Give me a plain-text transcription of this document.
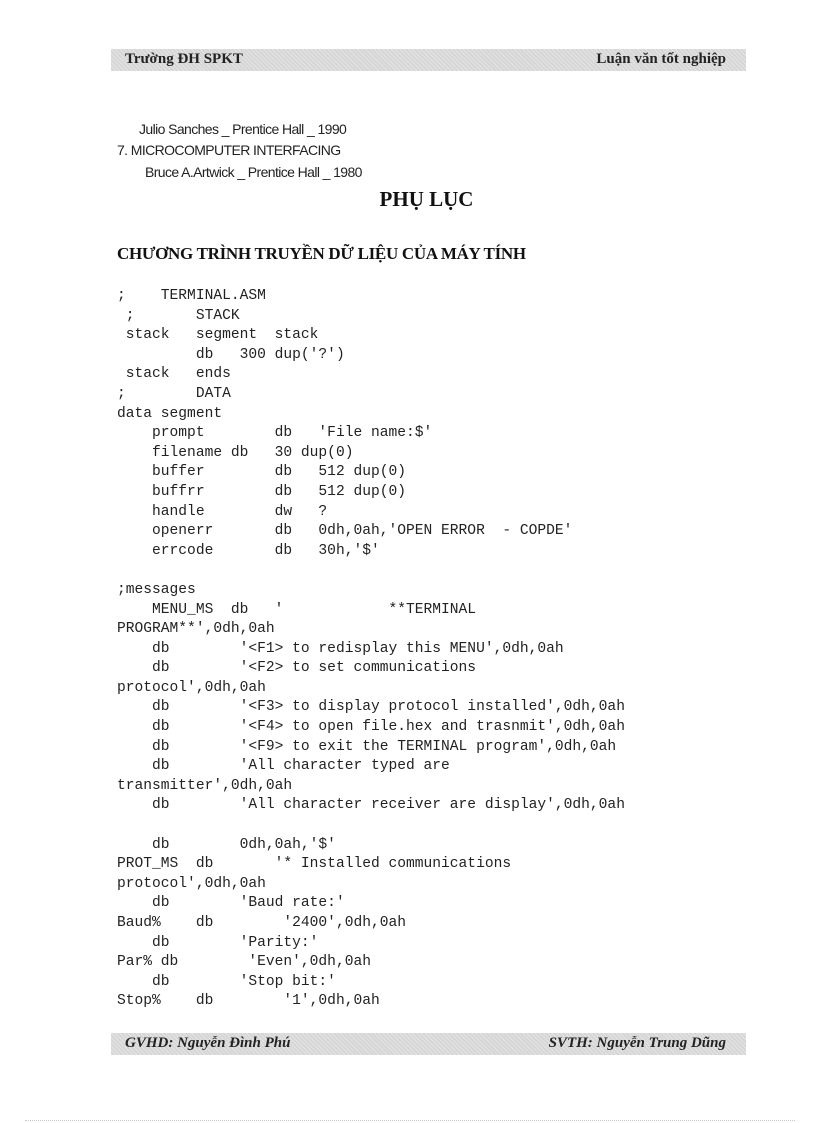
Trường ĐH SPKT	Luận văn tốt nghiệp
Julio Sanches _ Prentice Hall _ 1990
7. MICROCOMPUTER INTERFACING
Bruce A.Artwick _ Prentice Hall _ 1980
PHỤ LỤC
CHƯƠNG TRÌNH TRUYỀN DỮ LIỆU CỦA MÁY TÍNH
;    TERMINAL.ASM
;       STACK
stack   segment  stack
db   300 dup('?')
stack   ends
;        DATA
data segment
prompt        db   'File name:$'
filename db   30 dup(0)
buffer        db   512 dup(0)
buffrr        db   512 dup(0)
handle        dw   ?
openerr       db   0dh,0ah,'OPEN ERROR  - COPDE'
errcode       db   30h,'$'

;messages
MENU_MS  db   '            **TERMINAL
PROGRAM**',0dh,0ah
db        '<F1> to redisplay this MENU',0dh,0ah
db        '<F2> to set communications
protocol',0dh,0ah
db        '<F3> to display protocol installed',0dh,0ah
db        '<F4> to open file.hex and trasnmit',0dh,0ah
db        '<F9> to exit the TERMINAL program',0dh,0ah
db        'All character typed are
transmitter',0dh,0ah
db        'All character receiver are display',0dh,0ah

db        0dh,0ah,'$'
PROT_MS  db       '* Installed communications
protocol',0dh,0ah
db        'Baud rate:'
Baud%    db        '2400',0dh,0ah
db        'Parity:'
Par% db        'Even',0dh,0ah
db        'Stop bit:'
Stop%    db        '1',0dh,0ah

GVHD: Nguyễn Đình Phú	SVTH: Nguyễn Trung Dũng
